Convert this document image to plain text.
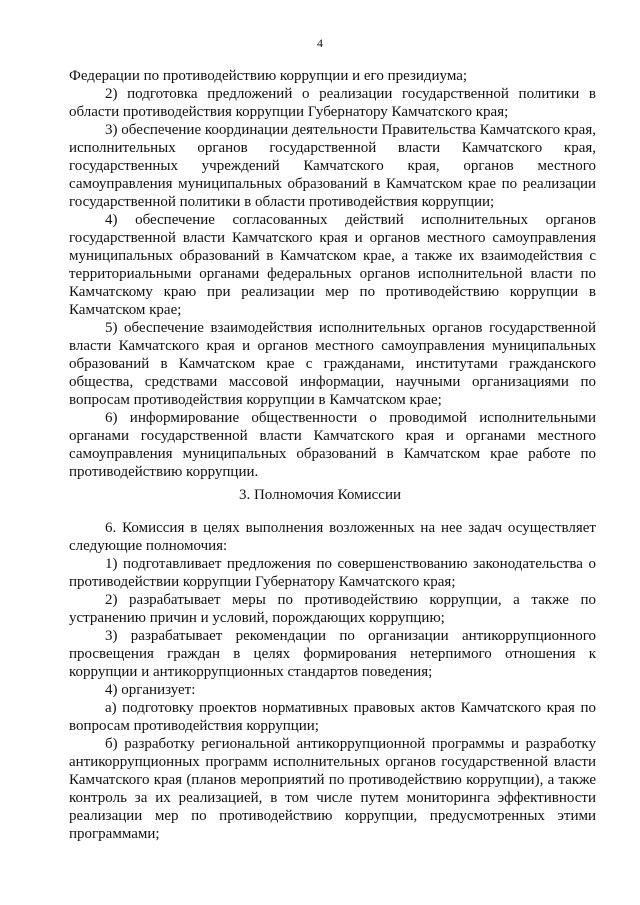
4

Федерации по противодействию коррупции и его президиума;

2) подготовка предложений о реализации государственной политики в области противодействия коррупции Губернатору Камчатского края;

3) обеспечение координации деятельности Правительства Камчатского края, исполнительных органов государственной власти Камчатского края, государственных учреждений Камчатского края, органов местного самоуправления муниципальных образований в Камчатском крае по реализации государственной политики в области противодействия коррупции;

4) обеспечение согласованных действий исполнительных органов государственной власти Камчатского края и органов местного самоуправления муниципальных образований в Камчатском крае, а также их взаимодействия с территориальными органами федеральных органов исполнительной власти по Камчатскому краю при реализации мер по противодействию коррупции в Камчатском крае;

5) обеспечение взаимодействия исполнительных органов государственной власти Камчатского края и органов местного самоуправления муниципальных образований в Камчатском крае с гражданами, институтами гражданского общества, средствами массовой информации, научными организациями по вопросам противодействия коррупции в Камчатском крае;

6) информирование общественности о проводимой исполнительными органами государственной власти Камчатского края и органами местного самоуправления муниципальных образований в Камчатском крае работе по противодействию коррупции.

3. Полномочия Комиссии

6. Комиссия в целях выполнения возложенных на нее задач осуществляет следующие полномочия:

1) подготавливает предложения по совершенствованию законодательства о противодействии коррупции Губернатору Камчатского края;

2) разрабатывает меры по противодействию коррупции, а также по устранению причин и условий, порождающих коррупцию;

3) разрабатывает рекомендации по организации антикоррупционного просвещения граждан в целях формирования нетерпимого отношения к коррупции и антикоррупционных стандартов поведения;

4) организует:

а) подготовку проектов нормативных правовых актов Камчатского края по вопросам противодействия коррупции;

б) разработку региональной антикоррупционной программы и разработку антикоррупционных программ исполнительных органов государственной власти Камчатского края (планов мероприятий по противодействию коррупции), а также контроль за их реализацией, в том числе путем мониторинга эффективности реализации мер по противодействию коррупции, предусмотренных этими программами;
